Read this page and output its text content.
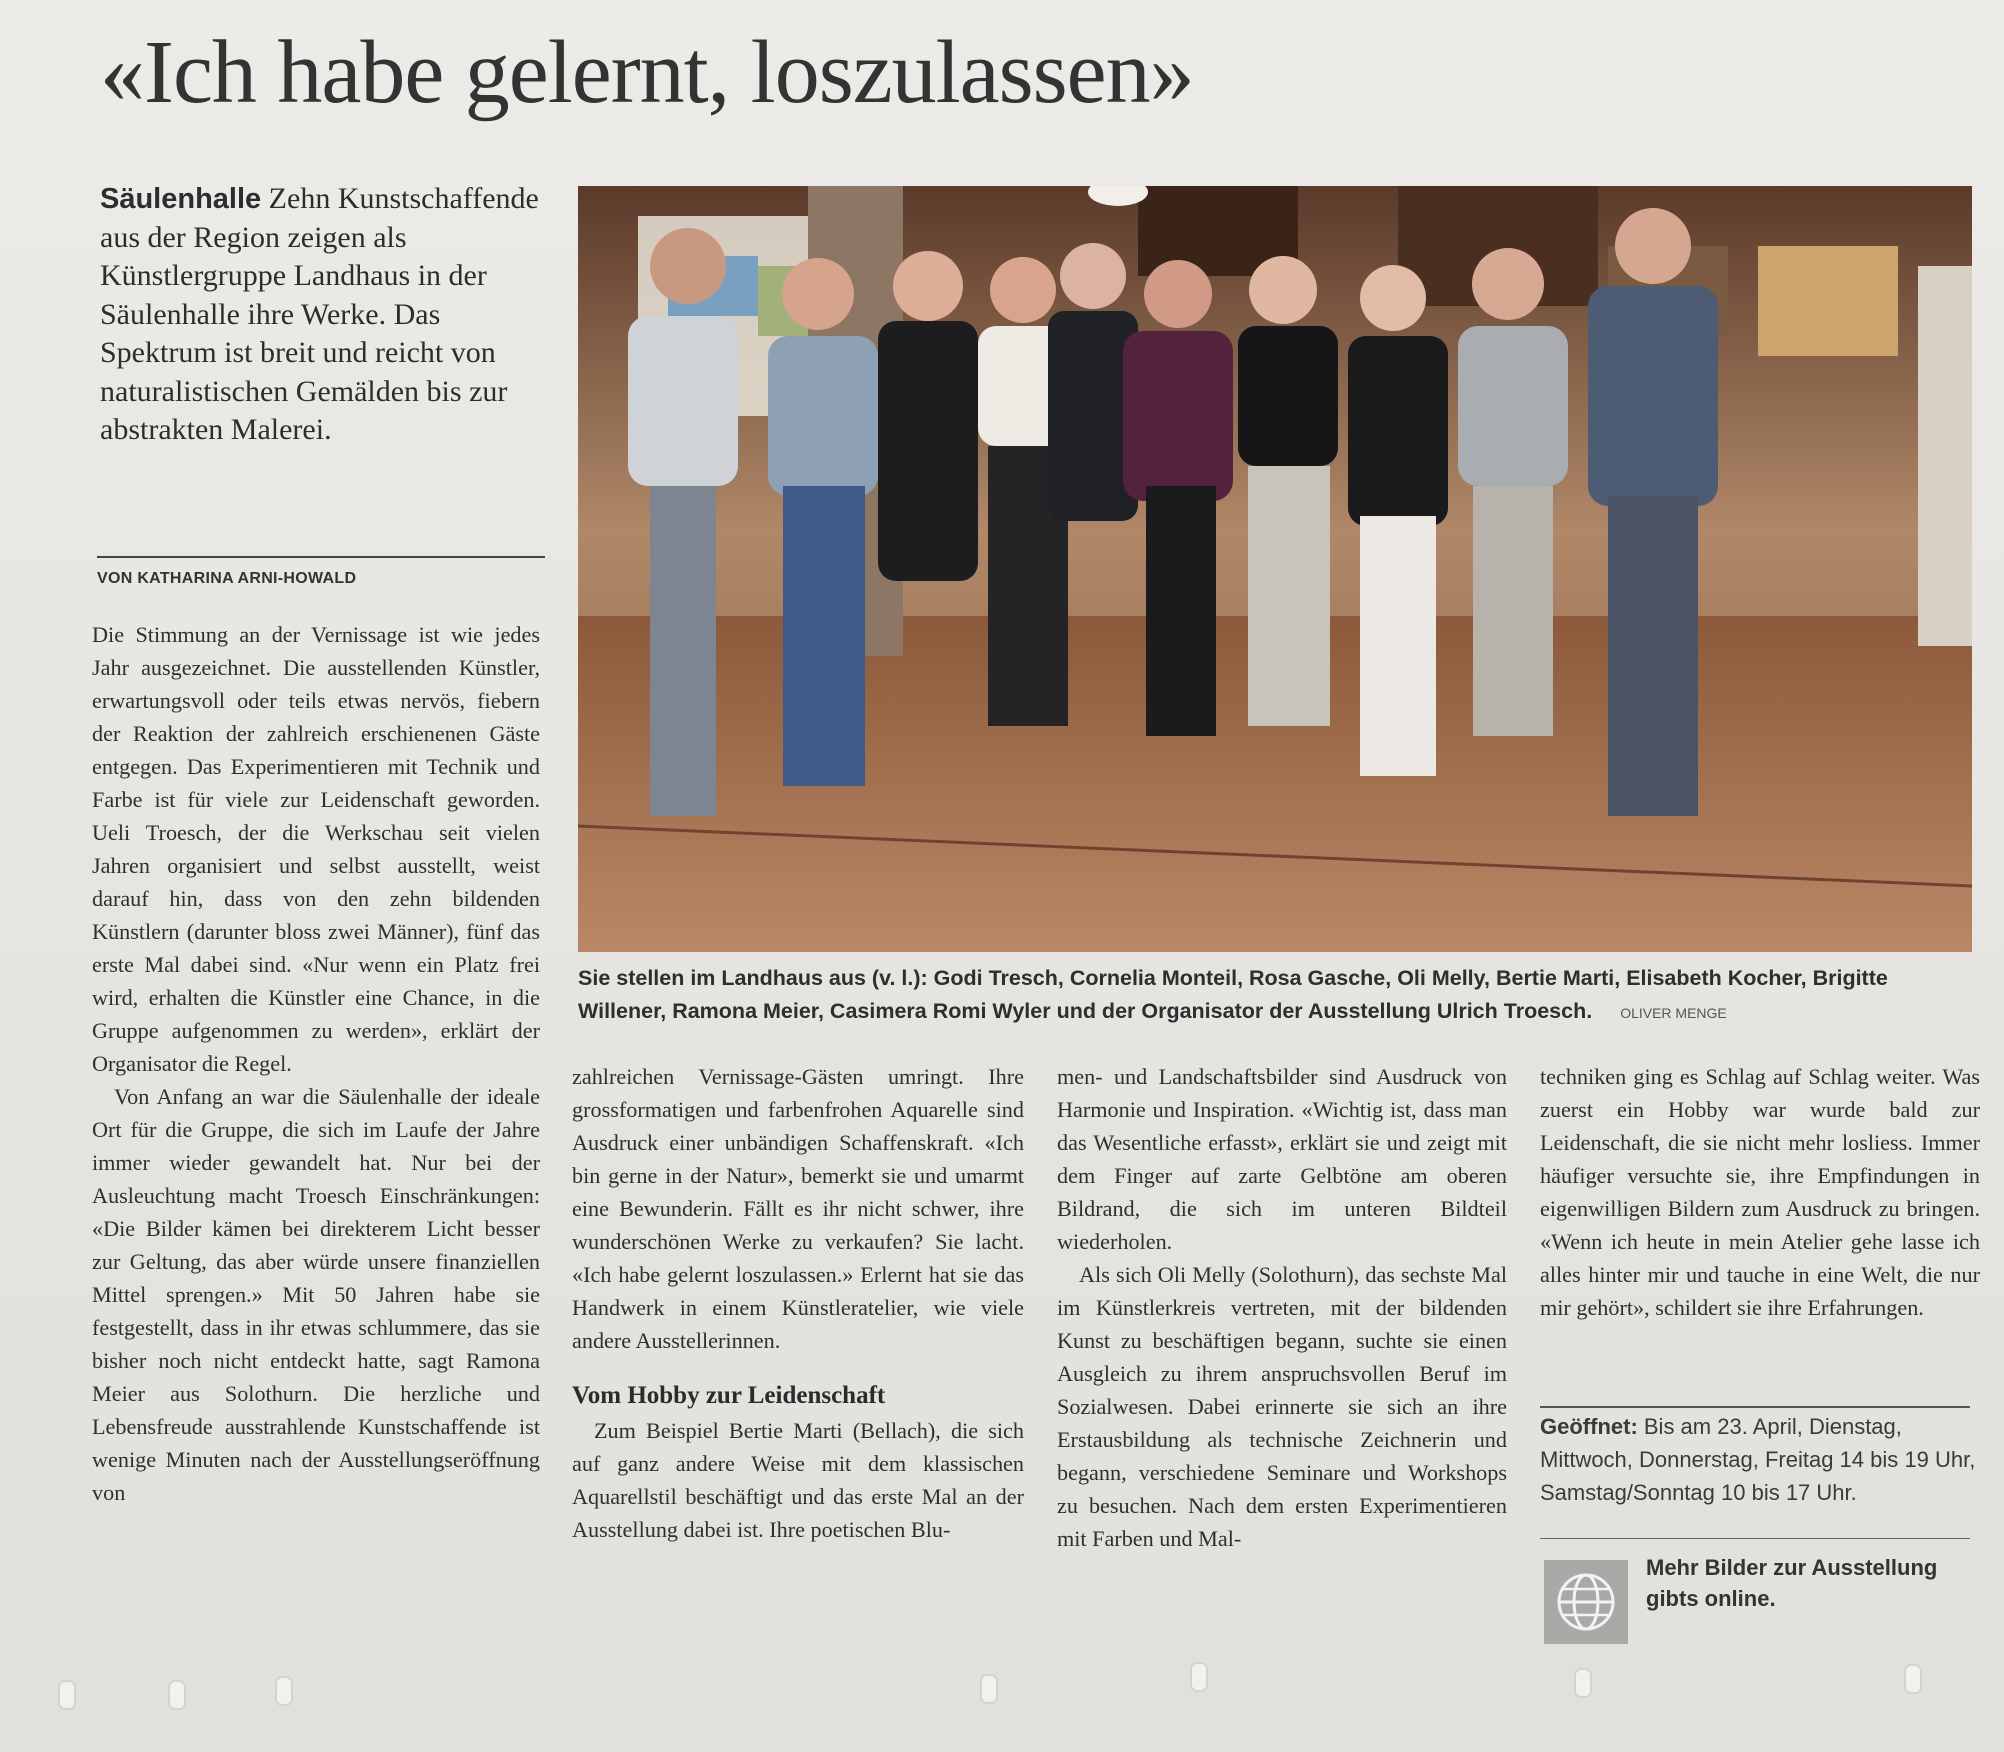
«Ich habe gelernt, loszulassen»
Säulenhalle Zehn Kunstschaffende aus der Region zeigen als Künstlergruppe Landhaus in der Säulenhalle ihre Werke. Das Spektrum ist breit und reicht von naturalistischen Gemälden bis zur abstrakten Malerei.
VON KATHARINA ARNI-HOWALD

Die Stimmung an der Vernissage ist wie jedes Jahr ausgezeichnet. Die ausstellenden Künstler, erwartungsvoll oder teils etwas nervös, fiebern der Reaktion der zahlreich erschienenen Gäste entgegen. Das Experimentieren mit Technik und Farbe ist für viele zur Leidenschaft geworden. Ueli Troesch, der die Werkschau seit vielen Jahren organisiert und selbst ausstellt, weist darauf hin, dass von den zehn bildenden Künstlern (darunter bloss zwei Männer), fünf das erste Mal dabei sind. «Nur wenn ein Platz frei wird, erhalten die Künstler eine Chance, in die Gruppe aufgenommen zu werden», erklärt der Organisator die Regel.

Von Anfang an war die Säulenhalle der ideale Ort für die Gruppe, die sich im Laufe der Jahre immer wieder gewandelt hat. Nur bei der Ausleuchtung macht Troesch Einschränkungen: «Die Bilder kämen bei direkterem Licht besser zur Geltung, das aber würde unsere finanziellen Mittel sprengen.» Mit 50 Jahren habe sie festgestellt, dass in ihr etwas schlummere, das sie bisher noch nicht entdeckt hatte, sagt Ramona Meier aus Solothurn. Die herzliche und Lebensfreude ausstrahlende Kunstschaffende ist wenige Minuten nach der Ausstellungseröffnung von

Sie stellen im Landhaus aus (v. l.): Godi Tresch, Cornelia Monteil, Rosa Gasche, Oli Melly, Bertie Marti, Elisabeth Kocher, Brigitte Willener, Ramona Meier, Casimera Romi Wyler und der Organisator der Ausstellung Ulrich Troesch. OLIVER MENGE

zahlreichen Vernissage-Gästen umringt. Ihre grossformatigen und farbenfrohen Aquarelle sind Ausdruck einer unbändigen Schaffenskraft. «Ich bin gerne in der Natur», bemerkt sie und umarmt eine Bewunderin. Fällt es ihr nicht schwer, ihre wunderschönen Werke zu verkaufen? Sie lacht. «Ich habe gelernt loszulassen.» Erlernt hat sie das Handwerk in einem Künstleratelier, wie viele andere Ausstellerinnen.

Vom Hobby zur Leidenschaft

Zum Beispiel Bertie Marti (Bellach), die sich auf ganz andere Weise mit dem klassischen Aquarellstil beschäftigt und das erste Mal an der Ausstellung dabei ist. Ihre poetischen Blu-

men- und Landschaftsbilder sind Ausdruck von Harmonie und Inspiration. «Wichtig ist, dass man das Wesentliche erfasst», erklärt sie und zeigt mit dem Finger auf zarte Gelbtöne am oberen Bildrand, die sich im unteren Bildteil wiederholen.

Als sich Oli Melly (Solothurn), das sechste Mal im Künstlerkreis vertreten, mit der bildenden Kunst zu beschäftigen begann, suchte sie einen Ausgleich zu ihrem anspruchsvollen Beruf im Sozialwesen. Dabei erinnerte sie sich an ihre Erstausbildung als technische Zeichnerin und begann, verschiedene Seminare und Workshops zu besuchen. Nach dem ersten Experimentieren mit Farben und Mal-

techniken ging es Schlag auf Schlag weiter. Was zuerst ein Hobby war wurde bald zur Leidenschaft, die sie nicht mehr losliess. Immer häufiger versuchte sie, ihre Empfindungen in eigenwilligen Bildern zum Ausdruck zu bringen. «Wenn ich heute in mein Atelier gehe lasse ich alles hinter mir und tauche in eine Welt, die nur mir gehört», schildert sie ihre Erfahrungen.

Geöffnet: Bis am 23. April, Dienstag, Mittwoch, Donnerstag, Freitag 14 bis 19 Uhr, Samstag/Sonntag 10 bis 17 Uhr.
Mehr Bilder zur Ausstellung gibts online.
